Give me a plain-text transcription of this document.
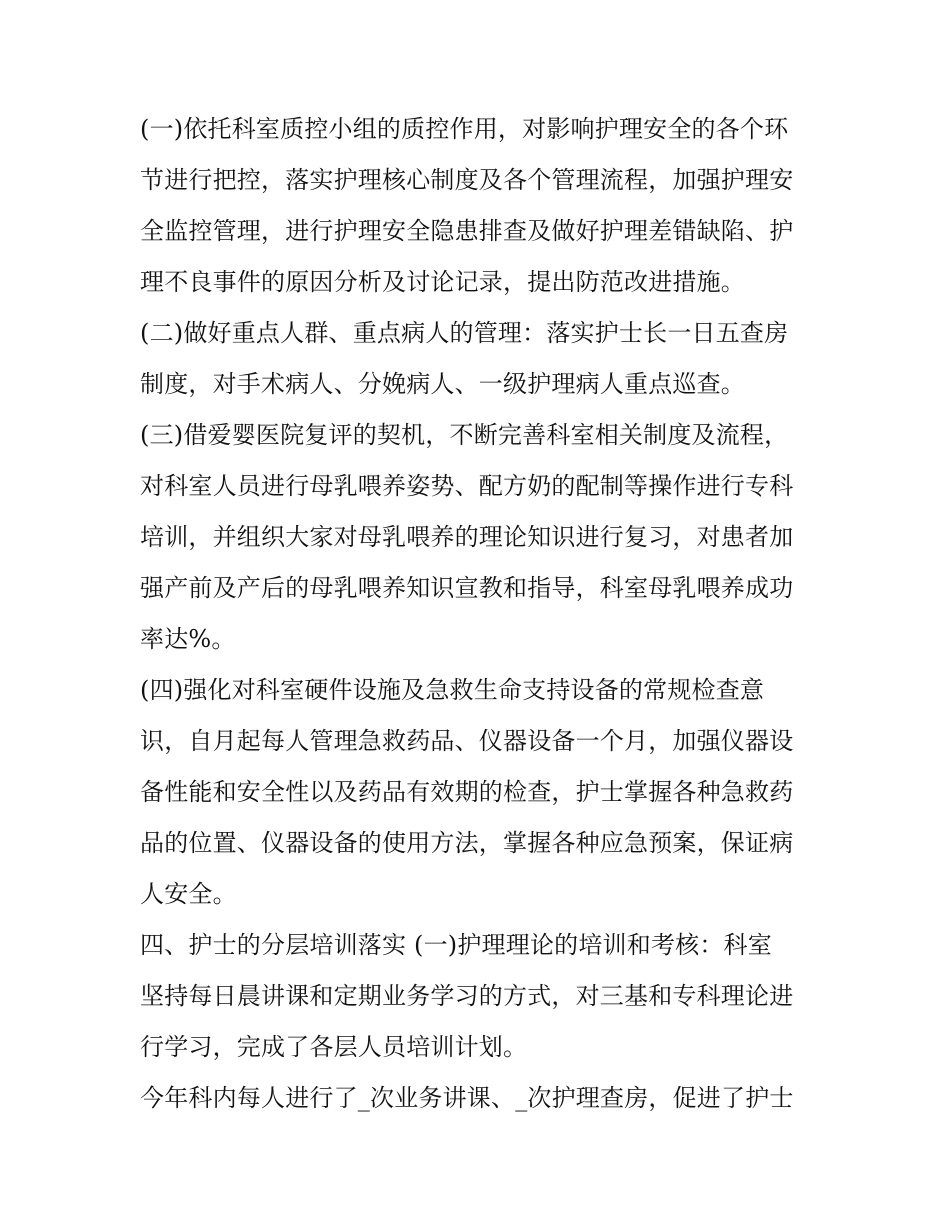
(一)依托科室质控小组的质控作用，对影响护理安全的各个环
节进行把控，落实护理核心制度及各个管理流程，加强护理安
全监控管理，进行护理安全隐患排查及做好护理差错缺陷、护
理不良事件的原因分析及讨论记录，提出防范改进措施。
(二)做好重点人群、重点病人的管理：落实护士长一日五查房
制度，对手术病人、分娩病人、一级护理病人重点巡查。
(三)借爱婴医院复评的契机，不断完善科室相关制度及流程，
对科室人员进行母乳喂养姿势、配方奶的配制等操作进行专科
培训，并组织大家对母乳喂养的理论知识进行复习，对患者加
强产前及产后的母乳喂养知识宣教和指导，科室母乳喂养成功
率达%。
(四)强化对科室硬件设施及急救生命支持设备的常规检查意
识，自月起每人管理急救药品、仪器设备一个月，加强仪器设
备性能和安全性以及药品有效期的检查，护士掌握各种急救药
品的位置、仪器设备的使用方法，掌握各种应急预案，保证病
人安全。
四、护士的分层培训落实 (一)护理理论的培训和考核：科室
坚持每日晨讲课和定期业务学习的方式，对三基和专科理论进
行学习，完成了各层人员培训计划。
今年科内每人进行了_次业务讲课、_次护理查房，促进了护士
